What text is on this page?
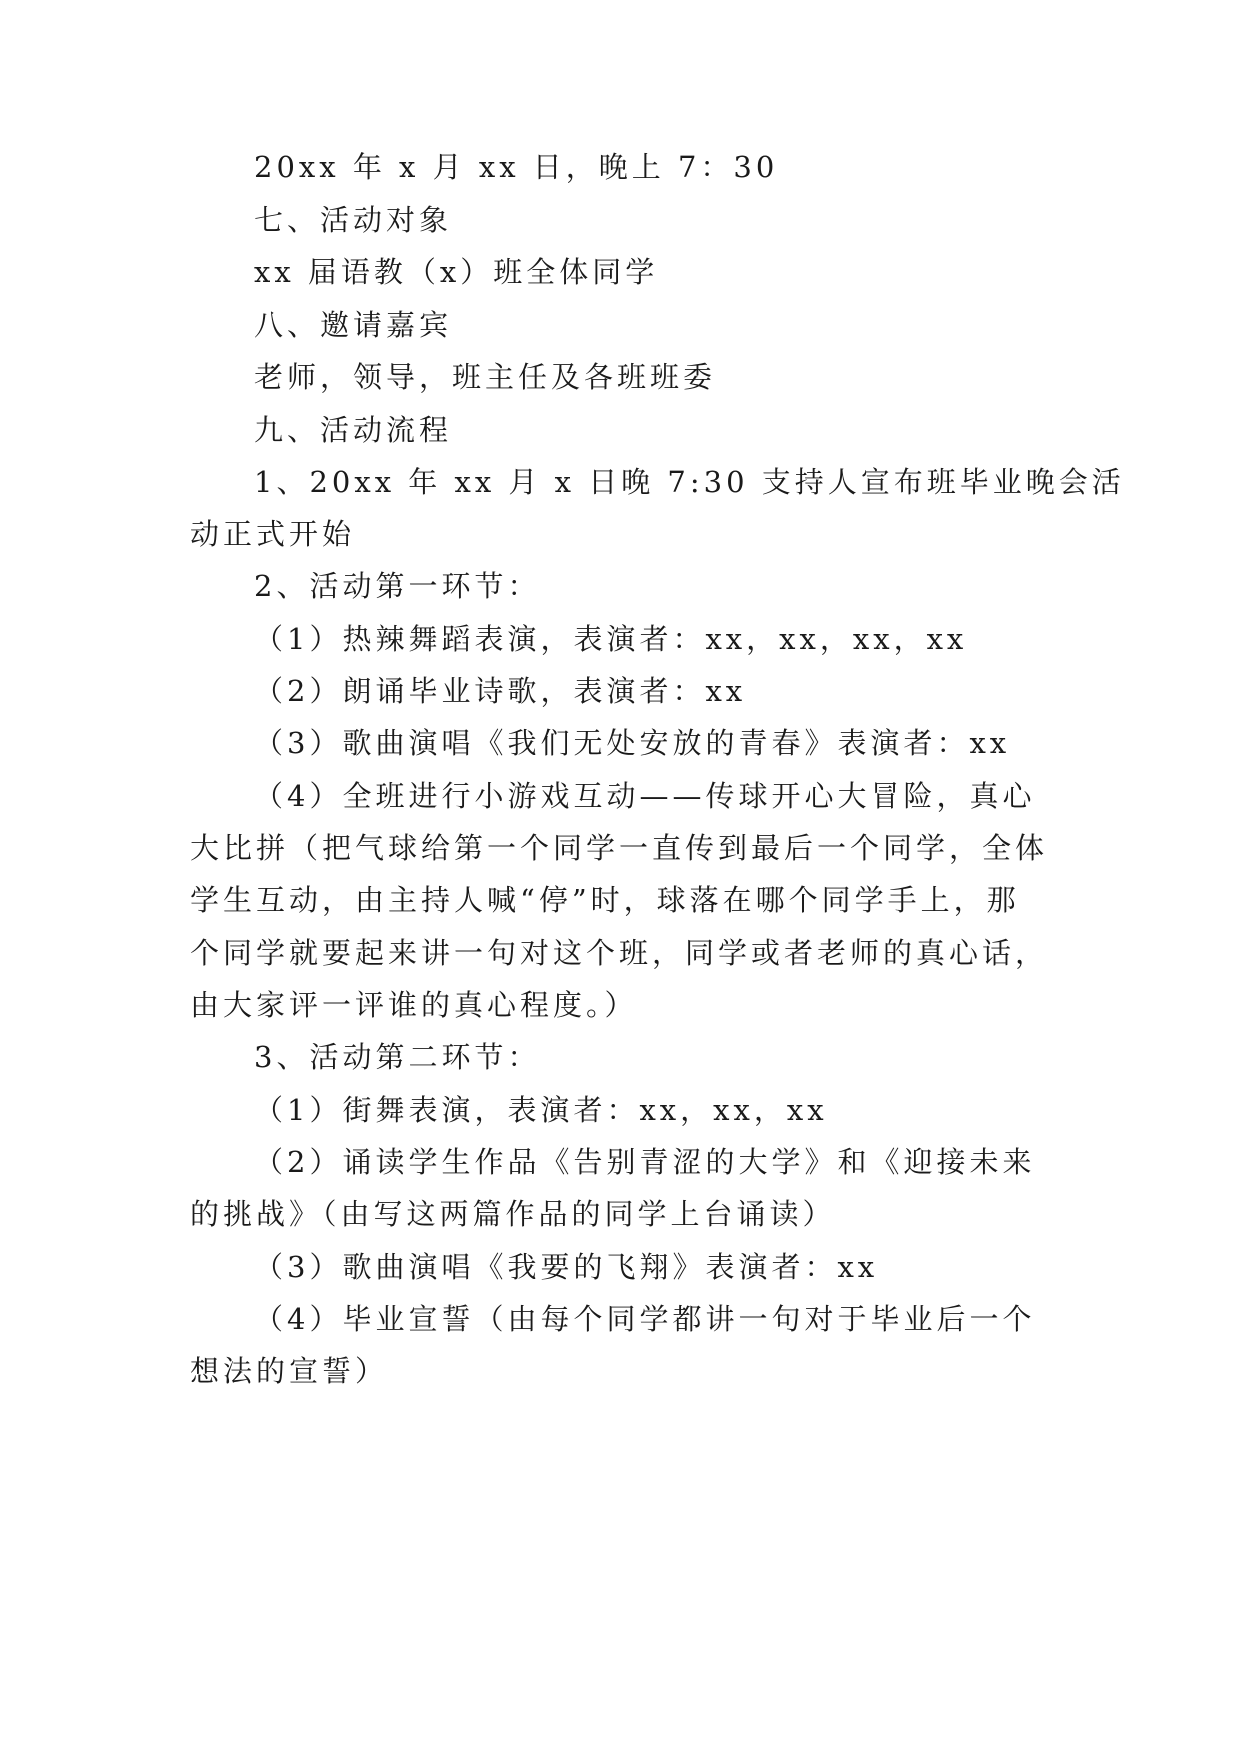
20xx 年 x 月 xx 日，晚上 7：30
七、活动对象
xx 届语教（x）班全体同学
八、邀请嘉宾
老师，领导，班主任及各班班委
九、活动流程
1、20xx 年 xx 月 x 日晚 7:30 支持人宣布班毕业晚会活
动正式开始
2、活动第一环节：
（1）热辣舞蹈表演，表演者：xx，xx，xx，xx
（2）朗诵毕业诗歌，表演者：xx
（3）歌曲演唱《我们无处安放的青春》表演者：xx
（4）全班进行小游戏互动——传球开心大冒险，真心
大比拼（把气球给第一个同学一直传到最后一个同学，全体
学生互动，由主持人喊“停”时，球落在哪个同学手上，那
个同学就要起来讲一句对这个班，同学或者老师的真心话，
由大家评一评谁的真心程度。）
3、活动第二环节：
（1）街舞表演，表演者：xx，xx，xx
（2）诵读学生作品《告别青涩的大学》和《迎接未来
的挑战》（由写这两篇作品的同学上台诵读）
（3）歌曲演唱《我要的飞翔》表演者：xx
（4）毕业宣誓（由每个同学都讲一句对于毕业后一个
想法的宣誓）
